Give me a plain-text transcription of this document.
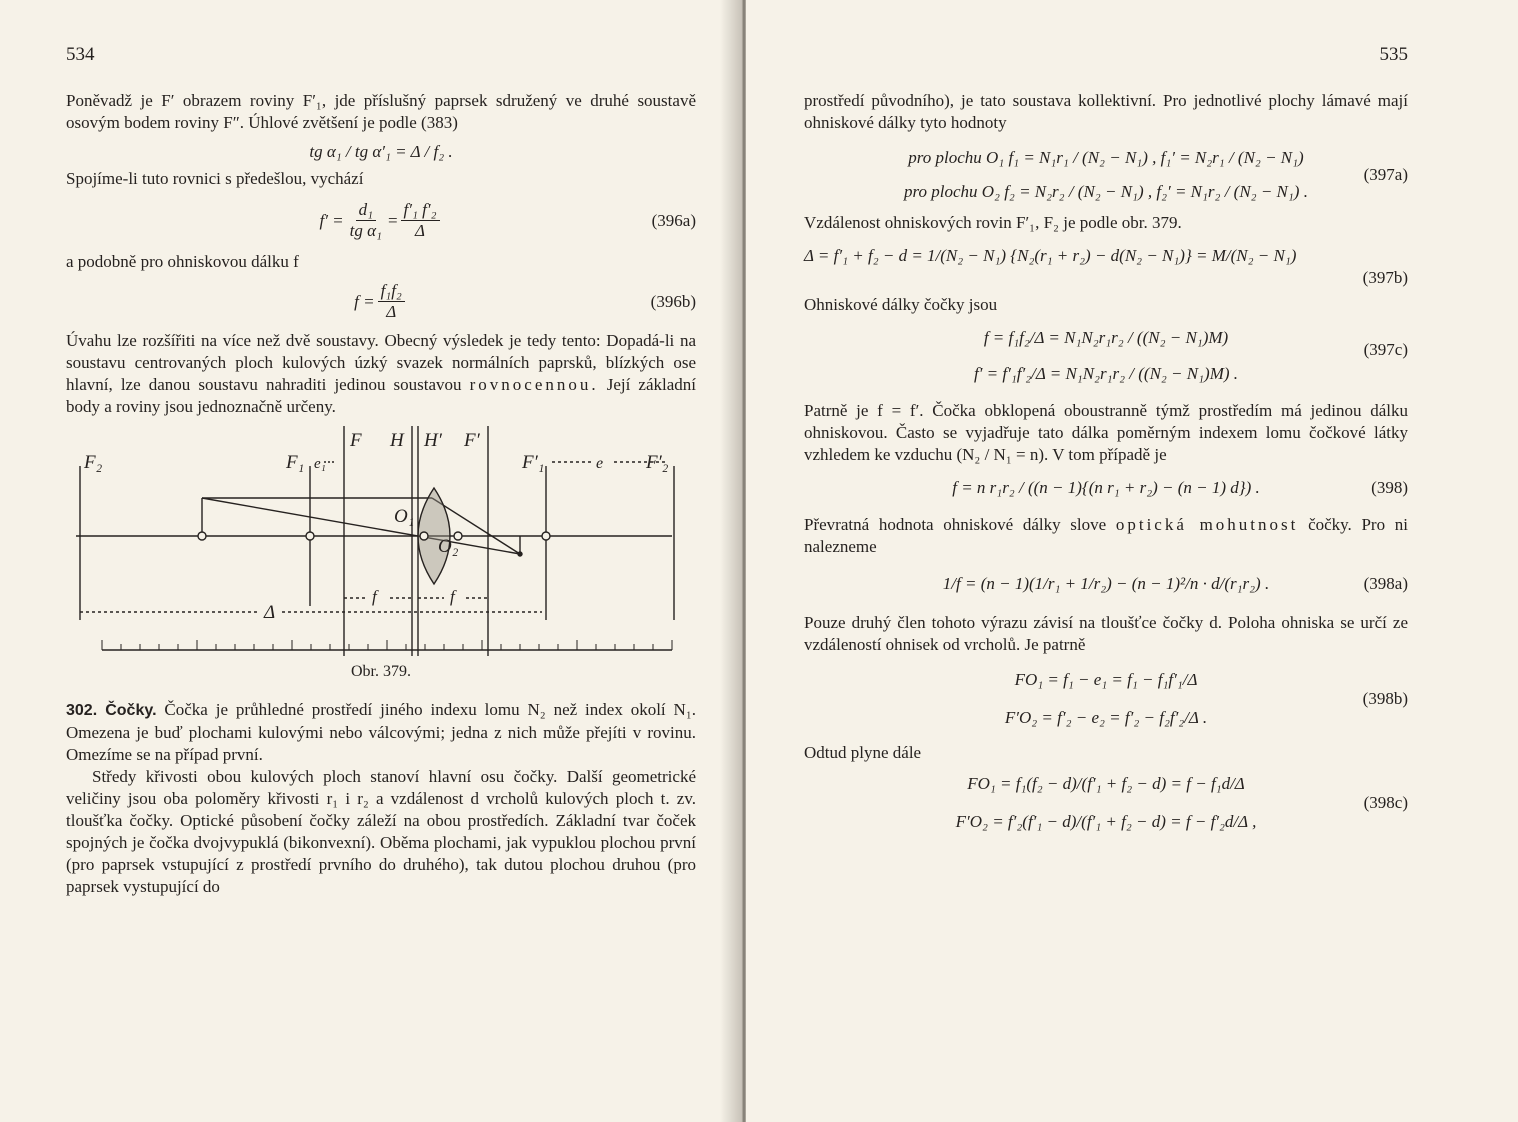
534

Poněvadž je F′ obrazem roviny F′₁, jde příslušný paprsek sdružený ve druhé soustavě osovým bodem roviny F″. Úhlové zvětšení je podle (383)

tg α₁ / tg α′₁ = Δ / f₂ .

Spojíme-li tuto rovnici s předešlou, vychází

$f' = \frac{\text{d₁}}{\text{tg α₁}} = \frac{\text{f′₁ f′₂}}{\Delta}$	(396a)

a podobně pro ohniskovou dálku f

$f = \frac{\text{f₁f₂}}{\Delta}$	(396b)

Úvahu lze rozšířiti na více než dvě soustavy. Obecný výsledek je tedy tento: Dopadá-li na soustavu centrovaných ploch kulových úzký svazek normálních paprsků, blízkých ose hlavní, lze danou soustavu nahraditi jedinou soustavou rovnocennou. Její základní body a roviny jsou jednoznačně určeny.

F₂	F₁ e₁
F H H′ F′
F′₁	e F′₂
O₁
O₂
f	f
Δ
Obr. 379.

302. Čočky. Čočka je průhledné prostředí jiného indexu lomu N₂ než index okolí N₁. Omezena je buď plochami kulovými nebo válcovými; jedna z nich může přejíti v rovinu. Omezíme se na případ první.

Středy křivosti obou kulových ploch stanoví hlavní osu čočky. Další geometrické veličiny jsou oba poloměry křivosti r₁ i r₂ a vzdálenost d vrcholů kulových ploch t. zv. tloušťka čočky. Optické působení čočky záleží na obou prostředích. Základní tvar čoček spojných je čočka dvojvypuklá (bikonvexní). Oběma plochami, jak vypuklou plochou první (pro paprsek vstupující z prostředí prvního do druhého), tak dutou plochou druhou (pro paprsek vystupující do

535

prostředí původního), je tato soustava kollektivní. Pro jednotlivé plochy lámavé mají ohniskové dálky tyto hodnoty

pro plochu O₁ f₁ = N₁r₁ / (N₂ − N₁) , f₁′ = N₂r₁ / (N₂ − N₁)
pro plochu O₂ f₂ = N₂r₂ / (N₂ − N₁) , f₂′ = N₁r₂ / (N₂ − N₁) .
(397a)

Vzdálenost ohniskových rovin F′₁, F₂ je podle obr. 379.

Δ = f′₁ + f₂ − d = 1/(N₂ − N₁) {N₂(r₁ + r₂) − d(N₂ − N₁)} = M/(N₂ − N₁)
(397b)

Ohniskové dálky čočky jsou

f = f₁f₂/Δ = N₁N₂r₁r₂ / ((N₂ − N₁)M)
f′ = f′₁f′₂/Δ = N₁N₂r₁r₂ / ((N₂ − N₁)M) .
(397c)

Patrně je f = f′. Čočka obklopená oboustranně týmž prostředím má jedinou dálku ohniskovou. Často se vyjadřuje tato dálka poměrným indexem lomu čočkové látky vzhledem ke vzduchu (N₂ / N₁ = n). V tom případě je

f = n r₁r₂ / ((n − 1){(n r₁ + r₂) − (n − 1) d}) .	(398)

Převratná hodnota ohniskové dálky slove optická mohutnost čočky. Pro ni nalezneme

1/f = (n − 1)(1/r₁ + 1/r₂) − (n − 1)²/n · d/(r₁r₂) .	(398a)

Pouze druhý člen tohoto výrazu závisí na tloušťce čočky d. Poloha ohniska se určí ze vzdáleností ohnisek od vrcholů. Je patrně

FO₁ = f₁ − e₁ = f₁ − f₁f′₁/Δ
F′O₂ = f′₂ − e₂ = f′₂ − f₂f′₂/Δ .
(398b)

Odtud plyne dále

FO₁ = f₁(f₂ − d)/(f′₁ + f₂ − d) = f − f₁d/Δ
F′O₂ = f′₂(f′₁ − d)/(f′₁ + f₂ − d) = f − f′₂d/Δ ,
(398c)
